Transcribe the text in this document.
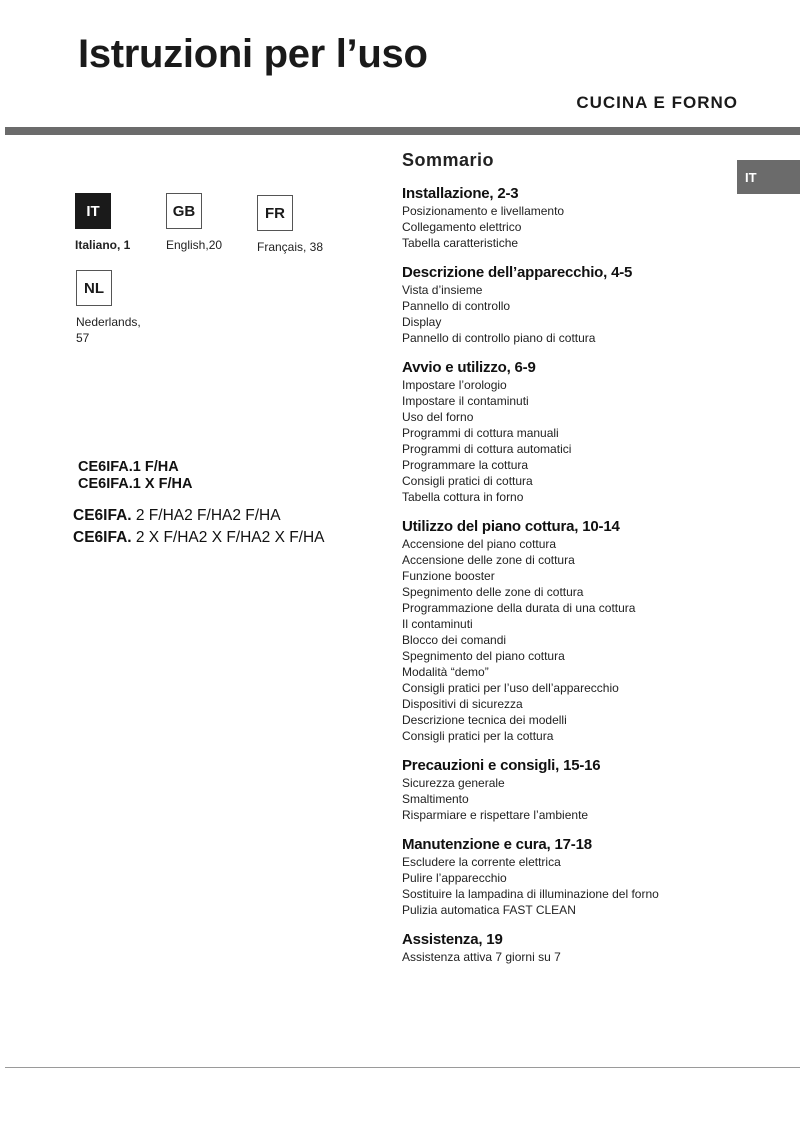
Istruzioni per l’uso
CUCINA E FORNO
IT
IT
Italiano, 1
GB
English,20
FR
Français, 38
NL
Nederlands,
57
CE6IFA.1 F/HA
CE6IFA.1 X F/HA
CE6IFA. 2 F/HA2 F/HA2 F/HA
CE6IFA. 2 X F/HA2 X F/HA2 X F/HA
Sommario
Installazione, 2-3
Posizionamento e livellamento
Collegamento elettrico
Tabella caratteristiche
Descrizione dell’apparecchio, 4-5
Vista d’insieme
Pannello di controllo
Display
Pannello di controllo piano di cottura
Avvio e utilizzo, 6-9
Impostare l’orologio
Impostare il contaminuti
Uso del forno
Programmi di cottura manuali
Programmi di cottura automatici
Programmare la cottura
Consigli pratici di cottura
Tabella cottura in forno
Utilizzo del piano cottura, 10-14
Accensione del piano cottura
Accensione delle zone di cottura
Funzione booster
Spegnimento delle zone di cottura
Programmazione della durata di una cottura
Il contaminuti
Blocco dei comandi
Spegnimento del piano cottura
Modalità “demo”
Consigli pratici per l’uso dell’apparecchio
Dispositivi di sicurezza
Descrizione tecnica dei modelli
Consigli pratici per la cottura
Precauzioni e consigli, 15-16
Sicurezza generale
Smaltimento
Risparmiare e rispettare l’ambiente
Manutenzione e cura, 17-18
Escludere la corrente elettrica
Pulire l’apparecchio
Sostituire la lampadina di illuminazione del forno
Pulizia automatica FAST CLEAN
Assistenza, 19
Assistenza attiva 7 giorni su 7
